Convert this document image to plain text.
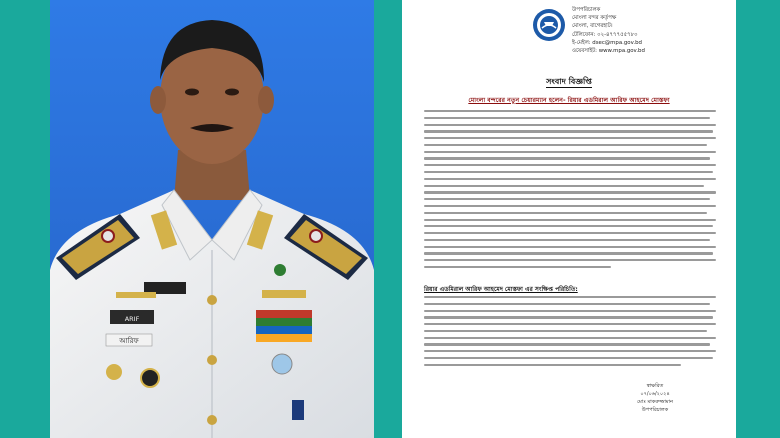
আরিফ
ARIF
উপপরিচালক
মোংলা বন্দর কর্তৃপক্ষ
মোংলা, বাগেরহাট।
টেলিফোন: ০২-৪৭৭৭৫৫৭৮০
ই-মেইল: dsec@mpa.gov.bd
ওয়েবসাইট: www.mpa.gov.bd
সংবাদ বিজ্ঞপ্তি
মোংলা বন্দরের নতুন চেয়ারম্যান হলেন- রিয়ার এডমিরাল আরিফ আহমেদ মোস্তফা
রিয়ার এডমিরাল আরিফ আহমেদ মোস্তফা এর সংক্ষিপ্ত পরিচিতি:
স্বাক্ষরিত
০৭/০৬/২০২৪
মোঃ মাকরুজ্জামান
উপপরিচালক
